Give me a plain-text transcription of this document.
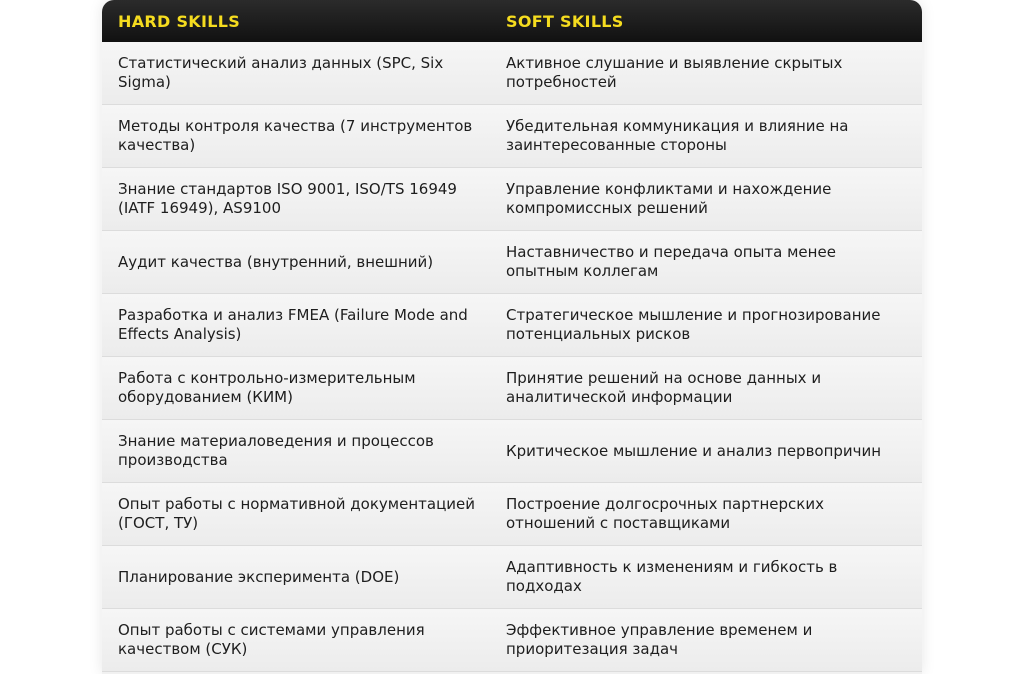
HARD SKILLS	SOFT SKILLS
Статистический анализ данных (SPC, Six Sigma)
Активное слушание и выявление скрытых потребностей
Методы контроля качества (7 инструментов качества)
Убедительная коммуникация и влияние на заинтересованные стороны
Знание стандартов ISO 9001, ISO/TS 16949 (IATF 16949), AS9100
Управление конфликтами и нахождение компромиссных решений
Аудит качества (внутренний, внешний)
Наставничество и передача опыта менее опытным коллегам
Разработка и анализ FMEA (Failure Mode and Effects Analysis)
Стратегическое мышление и прогнозирование потенциальных рисков
Работа с контрольно-измерительным оборудованием (КИМ)
Принятие решений на основе данных и аналитической информации
Знание материаловедения и процессов производства
Критическое мышление и анализ первопричин
Опыт работы с нормативной документацией (ГОСТ, ТУ)
Построение долгосрочных партнерских отношений с поставщиками
Планирование эксперимента (DOE)
Адаптивность к изменениям и гибкость в подходах
Опыт работы с системами управления качеством (СУК)
Эффективное управление временем и приоритезация задач
